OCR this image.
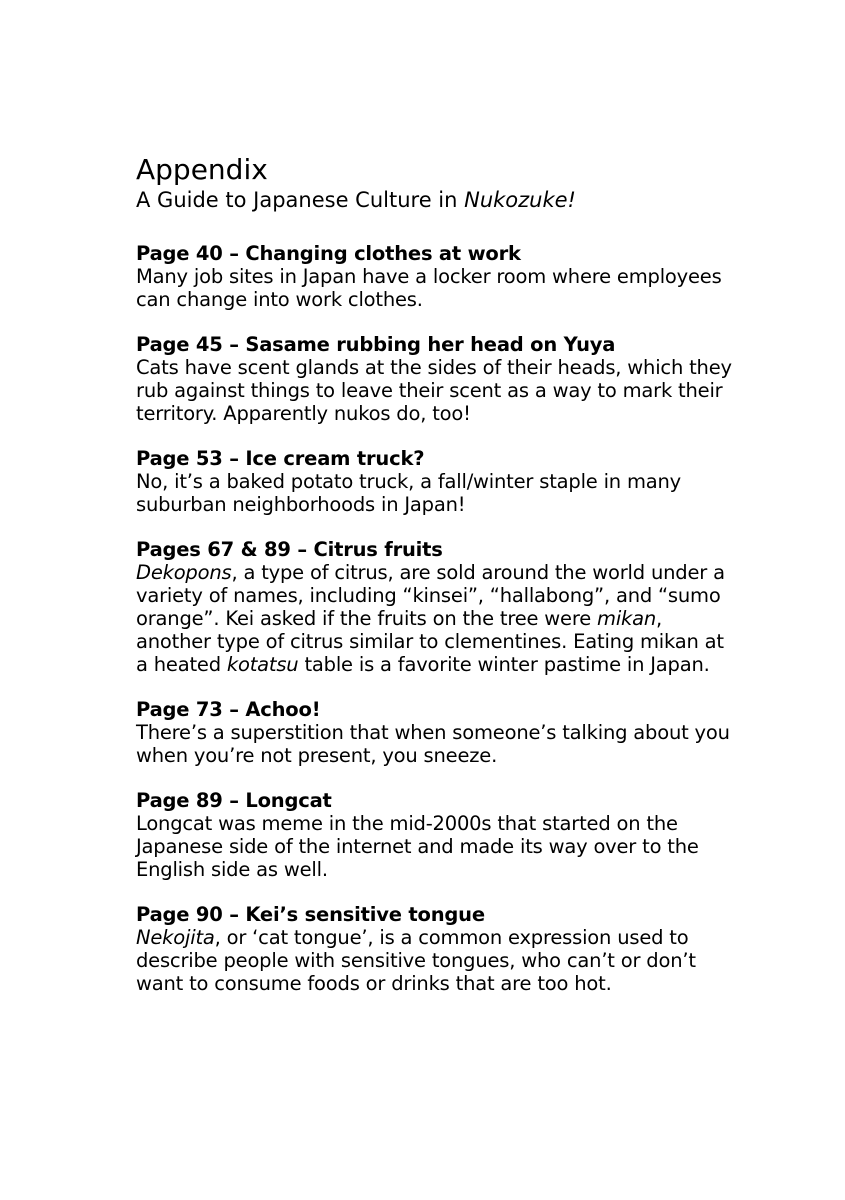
Appendix
A Guide to Japanese Culture in Nukozuke!

Page 40 – Changing clothes at work

Many job sites in Japan have a locker room where employees can change into work clothes.

Page 45 – Sasame rubbing her head on Yuya

Cats have scent glands at the sides of their heads, which they rub against things to leave their scent as a way to mark their territory. Apparently nukos do, too!

Page 53 – Ice cream truck?

No, it’s a baked potato truck, a fall/winter staple in many suburban neighborhoods in Japan!

Pages 67 & 89 – Citrus fruits

Dekopons, a type of citrus, are sold around the world under a variety of names, including “kinsei”, “hallabong”, and “sumo orange”. Kei asked if the fruits on the tree were mikan, another type of citrus similar to clementines. Eating mikan at a heated kotatsu table is a favorite winter pastime in Japan.

Page 73 – Achoo!

There’s a superstition that when someone’s talking about you when you’re not present, you sneeze.

Page 89 – Longcat

Longcat was meme in the mid-2000s that started on the Japanese side of the internet and made its way over to the English side as well.

Page 90 – Kei’s sensitive tongue

Nekojita, or ‘cat tongue’, is a common expression used to describe people with sensitive tongues, who can’t or don’t want to consume foods or drinks that are too hot.
